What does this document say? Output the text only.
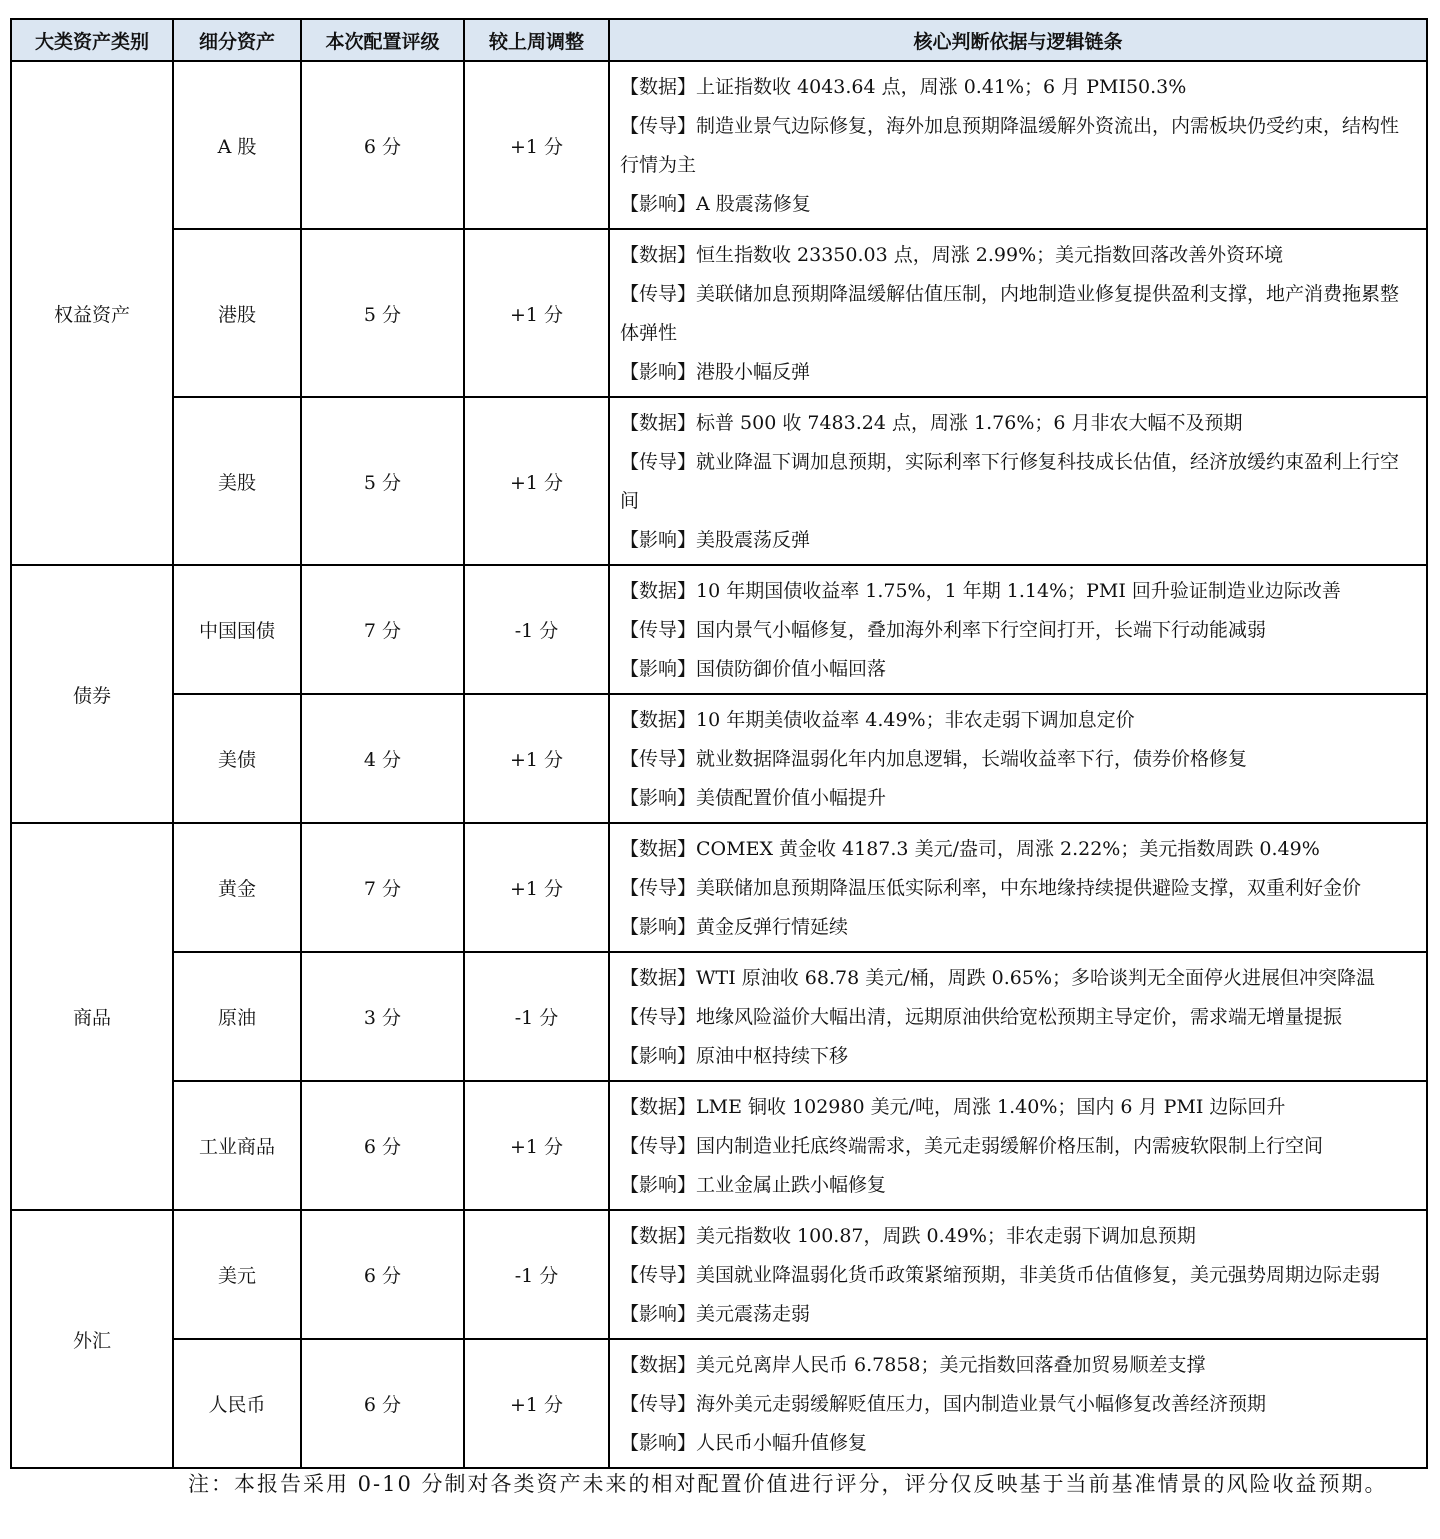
大类资产类别	细分资产	本次配置评级	较上周调整	核心判断依据与逻辑链条
权益资产	A 股	6 分	+1 分	【数据】上证指数收 4043.64 点，周涨 0.41%；6 月 PMI50.3%
【传导】制造业景气边际修复，海外加息预期降温缓解外资流出，内需板块仍受约束，结构性行情为主
【影响】A 股震荡修复

	港股	5 分	+1 分	【数据】恒生指数收 23350.03 点，周涨 2.99%；美元指数回落改善外资环境
【传导】美联储加息预期降温缓解估值压制，内地制造业修复提供盈利支撑，地产消费拖累整体弹性
【影响】港股小幅反弹

	美股	5 分	+1 分	【数据】标普 500 收 7483.24 点，周涨 1.76%；6 月非农大幅不及预期
【传导】就业降温下调加息预期，实际利率下行修复科技成长估值，经济放缓约束盈利上行空间
【影响】美股震荡反弹

债券	中国国债	7 分	-1 分	【数据】10 年期国债收益率 1.75%，1 年期 1.14%；PMI 回升验证制造业边际改善
【传导】国内景气小幅修复，叠加海外利率下行空间打开，长端下行动能减弱
【影响】国债防御价值小幅回落

	美债	4 分	+1 分	【数据】10 年期美债收益率 4.49%；非农走弱下调加息定价
【传导】就业数据降温弱化年内加息逻辑，长端收益率下行，债券价格修复
【影响】美债配置价值小幅提升

商品	黄金	7 分	+1 分	【数据】COMEX 黄金收 4187.3 美元/盎司，周涨 2.22%；美元指数周跌 0.49%
【传导】美联储加息预期降温压低实际利率，中东地缘持续提供避险支撑，双重利好金价
【影响】黄金反弹行情延续

	原油	3 分	-1 分	【数据】WTI 原油收 68.78 美元/桶，周跌 0.65%；多哈谈判无全面停火进展但冲突降温
【传导】地缘风险溢价大幅出清，远期原油供给宽松预期主导定价，需求端无增量提振
【影响】原油中枢持续下移

	工业商品	6 分	+1 分	【数据】LME 铜收 102980 美元/吨，周涨 1.40%；国内 6 月 PMI 边际回升
【传导】国内制造业托底终端需求，美元走弱缓解价格压制，内需疲软限制上行空间
【影响】工业金属止跌小幅修复

外汇	美元	6 分	-1 分	【数据】美元指数收 100.87，周跌 0.49%；非农走弱下调加息预期
【传导】美国就业降温弱化货币政策紧缩预期，非美货币估值修复，美元强势周期边际走弱
【影响】美元震荡走弱

	人民币	6 分	+1 分	【数据】美元兑离岸人民币 6.7858；美元指数回落叠加贸易顺差支撑
【传导】海外美元走弱缓解贬值压力，国内制造业景气小幅修复改善经济预期
【影响】人民币小幅升值修复
注：本报告采用 0-10 分制对各类资产未来的相对配置价值进行评分，评分仅反映基于当前基准情景的风险收益预期。
